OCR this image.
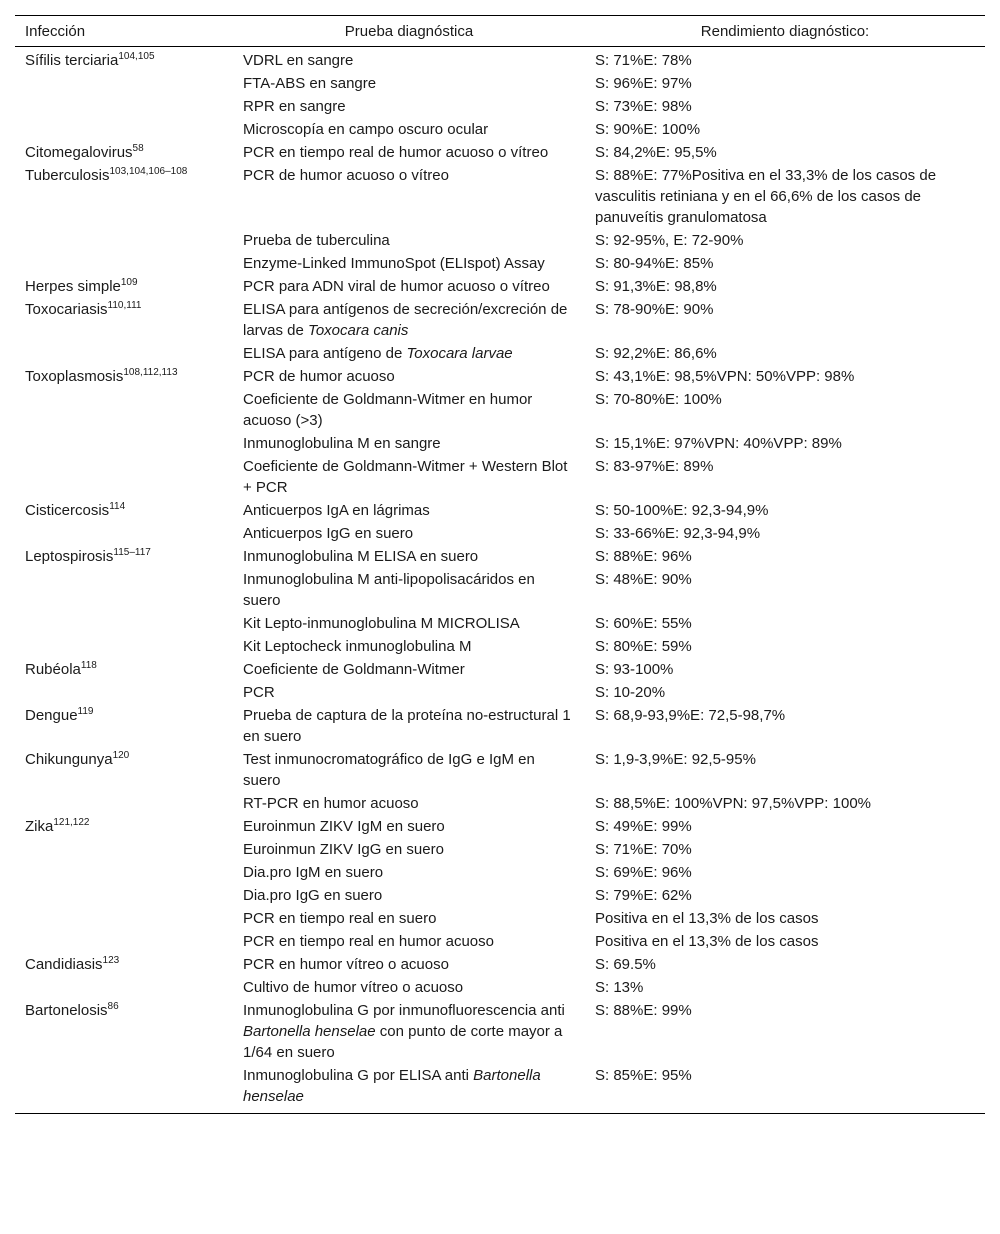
Infección	Prueba diagnóstica	Rendimiento diagnóstico:
Sífilis terciaria$^{104,105}$	VDRL en sangre	S: 71%E: 78%
	FTA-ABS en sangre	S: 96%E: 97%
	RPR en sangre	S: 73%E: 98%
	Microscopía en campo oscuro ocular	S: 90%E: 100%
Citomegalovirus$^{58}$	PCR en tiempo real de humor acuoso o vítreo	S: 84,2%E: 95,5%
Tuberculosis$^{103,104,106-108}$	PCR de humor acuoso o vítreo	S: 88%E: 77%Positiva en el 33,3% de los casos de vasculitis retiniana y en el 66,6% de los casos de panuveítis granulomatosa
	Prueba de tuberculina	S: 92-95%, E: 72-90%
	Enzyme-Linked ImmunoSpot (ELIspot) Assay	S: 80-94%E: 85%
Herpes simple$^{109}$	PCR para ADN viral de humor acuoso o vítreo	S: 91,3%E: 98,8%
Toxocariasis$^{110,111}$	ELISA para antígenos de secreción/excreción de larvas de Toxocara canis	S: 78-90%E: 90%
	ELISA para antígeno de Toxocara larvae	S: 92,2%E: 86,6%
Toxoplasmosis$^{108,112,113}$	PCR de humor acuoso	S: 43,1%E: 98,5%VPN: 50%VPP: 98%
	Coeficiente de Goldmann-Witmer en humor acuoso (>3)	S: 70-80%E: 100%
	Inmunoglobulina M en sangre	S: 15,1%E: 97%VPN: 40%VPP: 89%
	Coeficiente de Goldmann-Witmer + Western Blot + PCR	S: 83-97%E: 89%
Cisticercosis$^{114}$	Anticuerpos IgA en lágrimas	S: 50-100%E: 92,3-94,9%
	Anticuerpos IgG en suero	S: 33-66%E: 92,3-94,9%
Leptospirosis$^{115-117}$	Inmunoglobulina M ELISA en suero	S: 88%E: 96%
	Inmunoglobulina M anti-lipopolisacáridos en suero	S: 48%E: 90%
	Kit Lepto-inmunoglobulina M MICROLISA	S: 60%E: 55%
	Kit Leptocheck inmunoglobulina M	S: 80%E: 59%
Rubéola$^{118}$	Coeficiente de Goldmann-Witmer	S: 93-100%
	PCR	S: 10-20%
Dengue$^{119}$	Prueba de captura de la proteína no-estructural 1 en suero	S: 68,9-93,9%E: 72,5-98,7%
Chikungunya$^{120}$	Test inmunocromatográfico de IgG e IgM en suero	S: 1,9-3,9%E: 92,5-95%
	RT-PCR en humor acuoso	S: 88,5%E: 100%VPN: 97,5%VPP: 100%
Zika$^{121,122}$	Euroinmun ZIKV IgM en suero	S: 49%E: 99%
	Euroinmun ZIKV IgG en suero	S: 71%E: 70%
	Dia.pro IgM en suero	S: 69%E: 96%
	Dia.pro IgG en suero	S: 79%E: 62%
	PCR en tiempo real en suero	Positiva en el 13,3% de los casos
	PCR en tiempo real en humor acuoso	Positiva en el 13,3% de los casos
Candidiasis$^{123}$	PCR en humor vítreo o acuoso	S: 69.5%
	Cultivo de humor vítreo o acuoso	S: 13%
Bartonelosis$^{86}$	Inmunoglobulina G por inmunofluorescencia anti Bartonella henselae con punto de corte mayor a 1/64 en suero	S: 88%E: 99%
	Inmunoglobulina G por ELISA anti Bartonella henselae	S: 85%E: 95%
